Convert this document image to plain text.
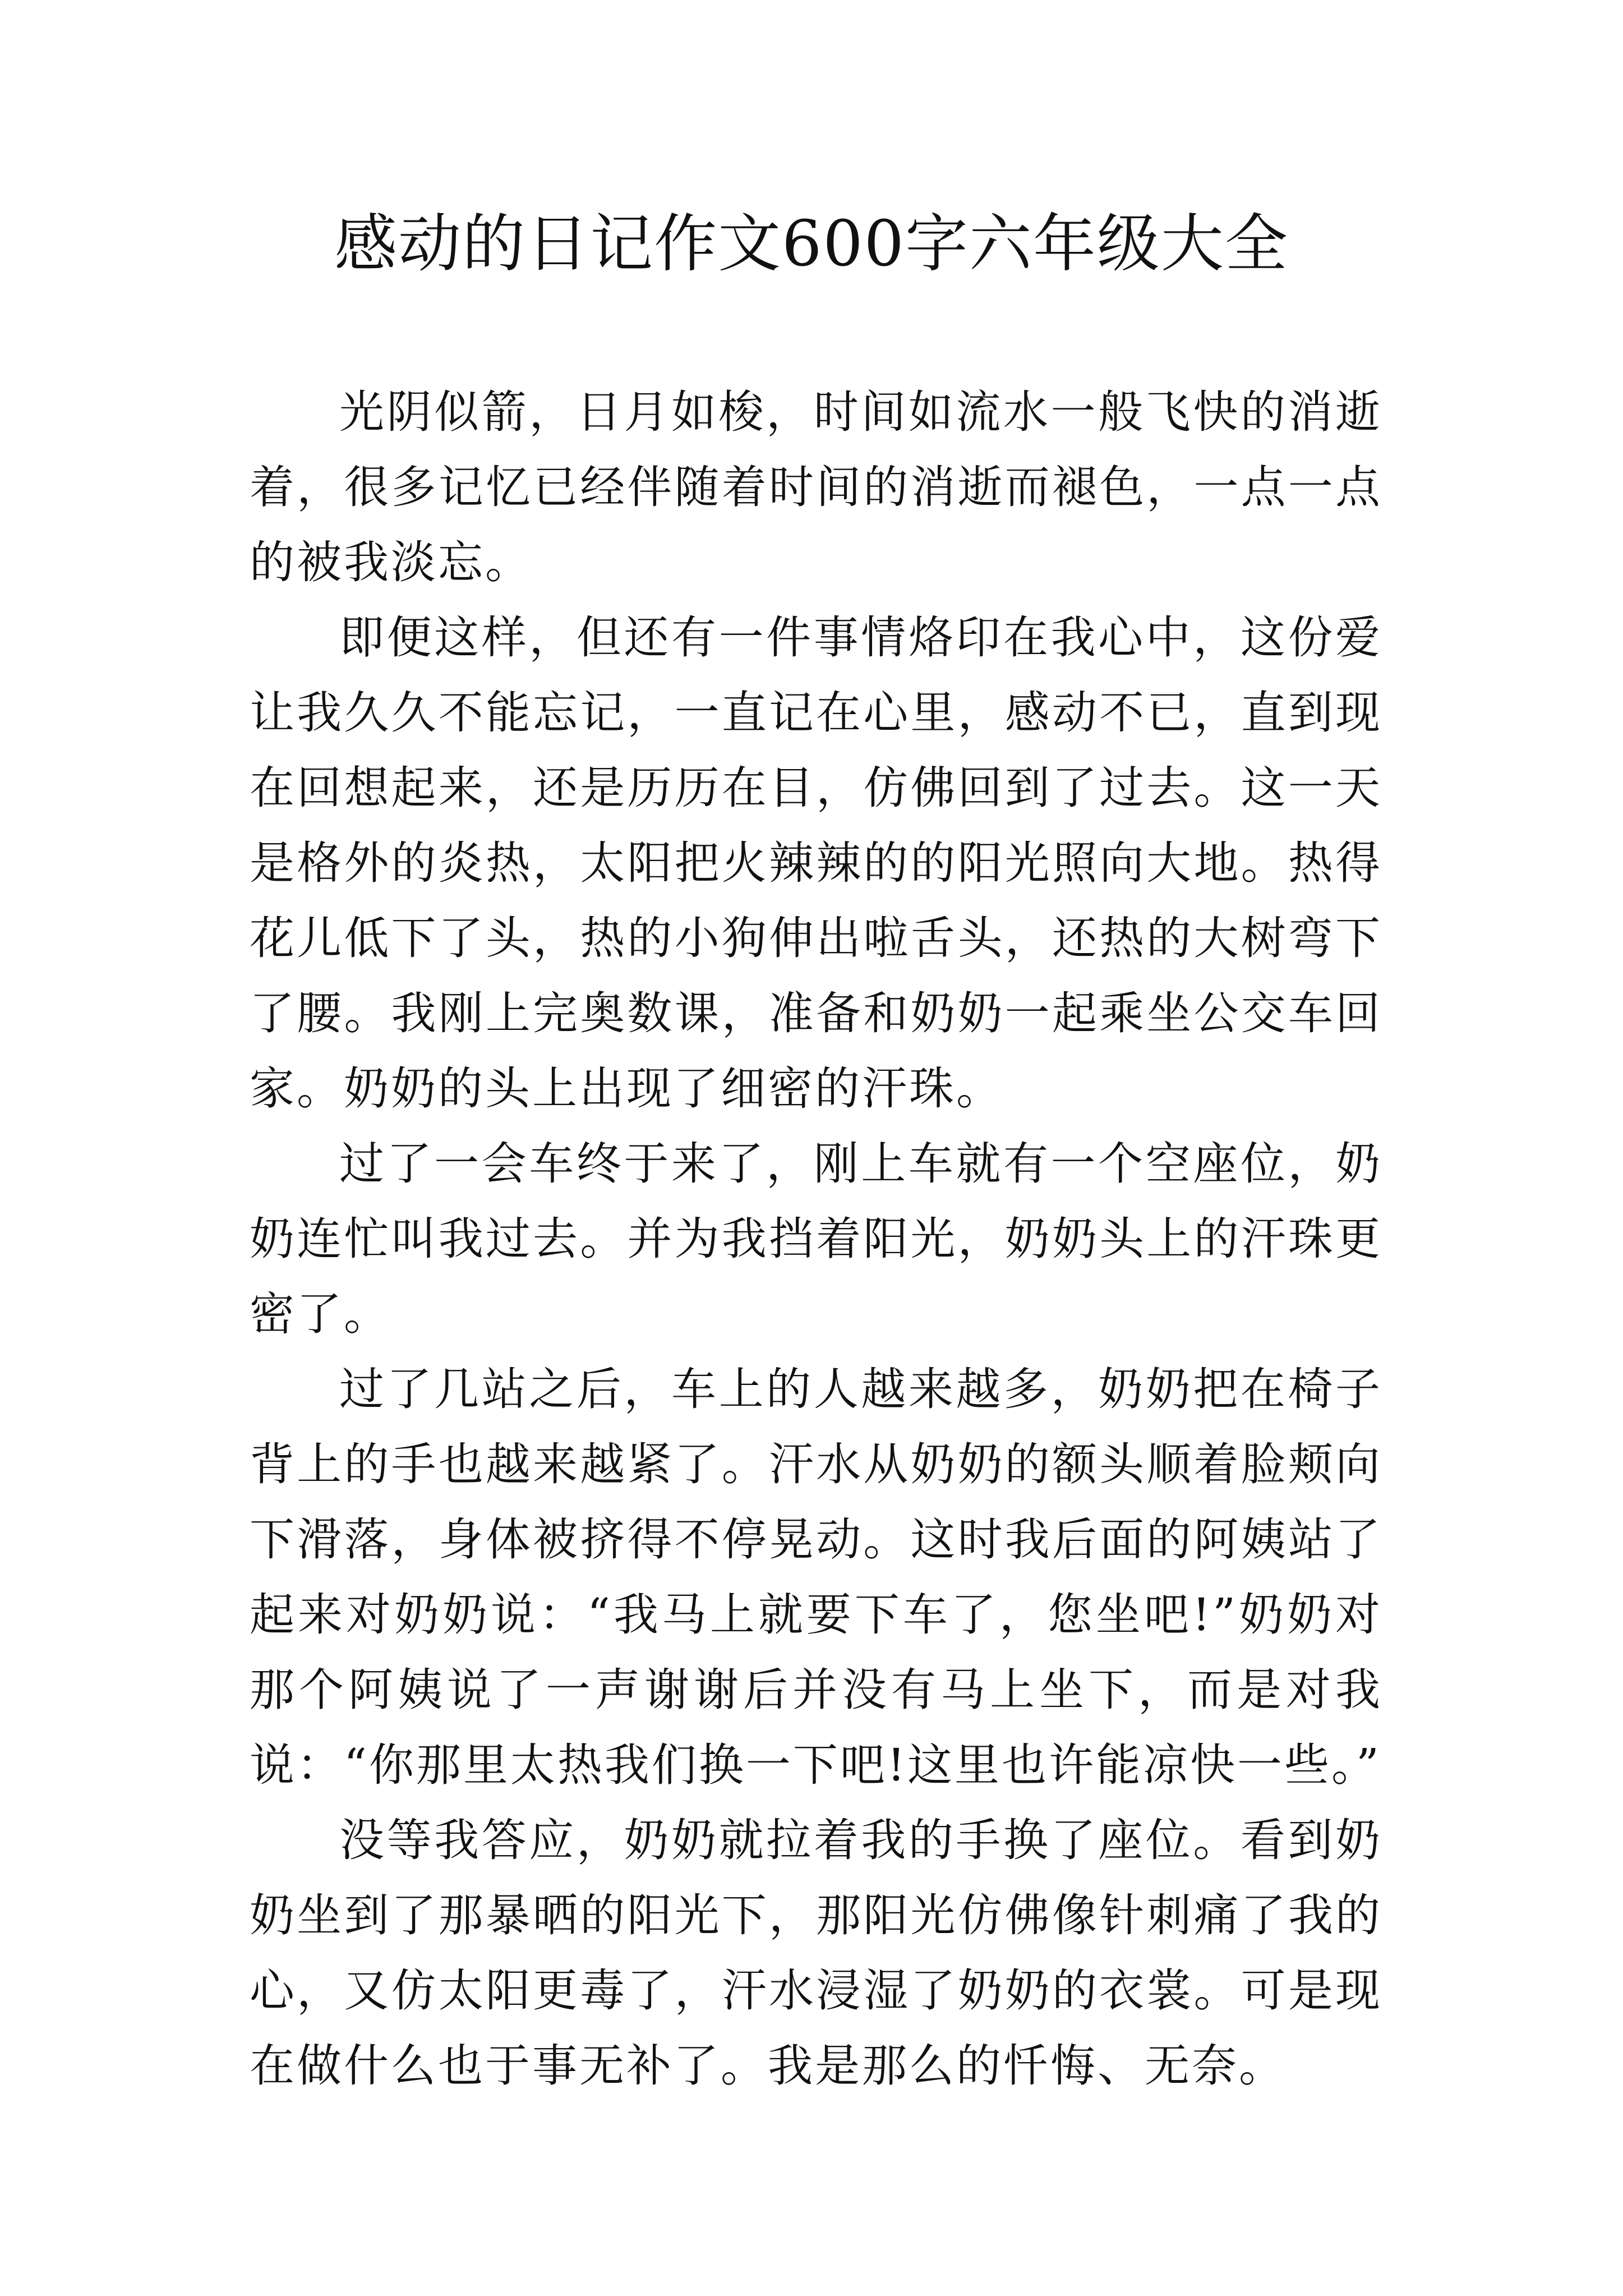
感动的日记作文600字六年级大全

光阴似箭，日月如梭，时间如流水一般飞快的消逝着，很多记忆已经伴随着时间的消逝而褪色，一点一点的被我淡忘。

即便这样，但还有一件事情烙印在我心中，这份爱让我久久不能忘记，一直记在心里，感动不已，直到现在回想起来，还是历历在目，仿佛回到了过去。这一天是格外的炎热，太阳把火辣辣的的阳光照向大地。热得花儿低下了头，热的小狗伸出啦舌头，还热的大树弯下了腰。我刚上完奥数课，准备和奶奶一起乘坐公交车回家。奶奶的头上出现了细密的汗珠。

过了一会车终于来了，刚上车就有一个空座位，奶奶连忙叫我过去。并为我挡着阳光，奶奶头上的汗珠更密了。

过了几站之后，车上的人越来越多，奶奶把在椅子背上的手也越来越紧了。汗水从奶奶的额头顺着脸颊向下滑落，身体被挤得不停晃动。这时我后面的阿姨站了起来对奶奶说：“我马上就要下车了，您坐吧!”奶奶对那个阿姨说了一声谢谢后并没有马上坐下，而是对我说：“你那里太热我们换一下吧!这里也许能凉快一些。”

没等我答应，奶奶就拉着我的手换了座位。看到奶奶坐到了那暴晒的阳光下，那阳光仿佛像针刺痛了我的心，又仿太阳更毒了，汗水浸湿了奶奶的衣裳。可是现在做什么也于事无补了。我是那么的忏悔、无奈。
